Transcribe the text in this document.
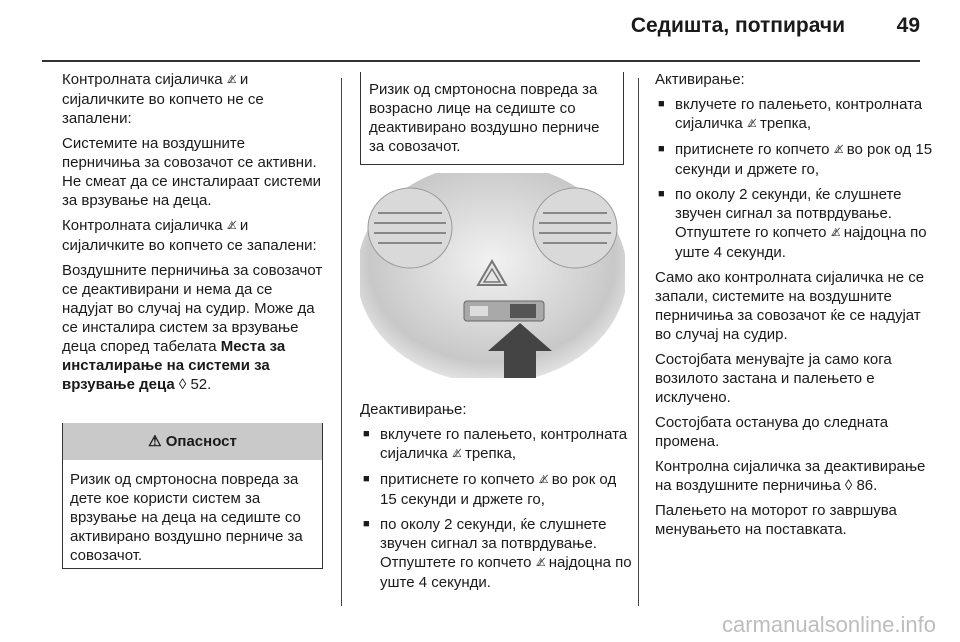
Седишта, потпирачи 49

Контролната сијаличка ⚠̸ и сијаличките во копчето не се запалени:

Системите на воздушните перничиња за совозачот се активни. Не смеат да се инсталираат системи за врзување на деца.

Контролната сијаличка ⚠̸ и сијаличките во копчето се запалени:

Воздушните перничиња за совозачот се деактивирани и нема да се надујат во случај на судир. Може да се инсталира систем за врзување деца според табелата Места за инсталирање на системи за врзување деца ◊ 52.

⚠ Опасност
Ризик од смртоносна повреда за дете кое користи систем за врзување на деца на седиште со активирано воздушно перниче за совозачот.
Ризик од смртоносна повреда за возрасно лице на седиште со деактивирано воздушно перниче за совозачот.

Деактивирање:

■ вклучете го палењето, контролната сијаличка ⚠̸ трепка,
■ притиснете го копчето ⚠̸ во рок од 15 секунди и држете го,
■ по околу 2 секунди, ќе слушнете звучен сигнал за потврдување. Отпуштете го копчето ⚠̸ најдоцна по уште 4 секунди.

Активирање:

■ вклучете го палењето, контролната сијаличка ⚠̸ трепка,
■ притиснете го копчето ⚠̸ во рок од 15 секунди и држете го,
■ по околу 2 секунди, ќе слушнете звучен сигнал за потврдување. Отпуштете го копчето ⚠̸ најдоцна по уште 4 секунди.

Само ако контролната сијаличка не се запали, системите на воздушните перничиња за совозачот ќе се надујат во случај на судир.

Состојбата менувајте ја само кога возилото застана и палењето е исклучено.

Состојбата останува до следната промена.

Контролна сијаличка за деактивирање на воздушните перничиња ◊ 86.

Палењето на моторот го завршува менувањето на поставката.

carmanualsonline.info
